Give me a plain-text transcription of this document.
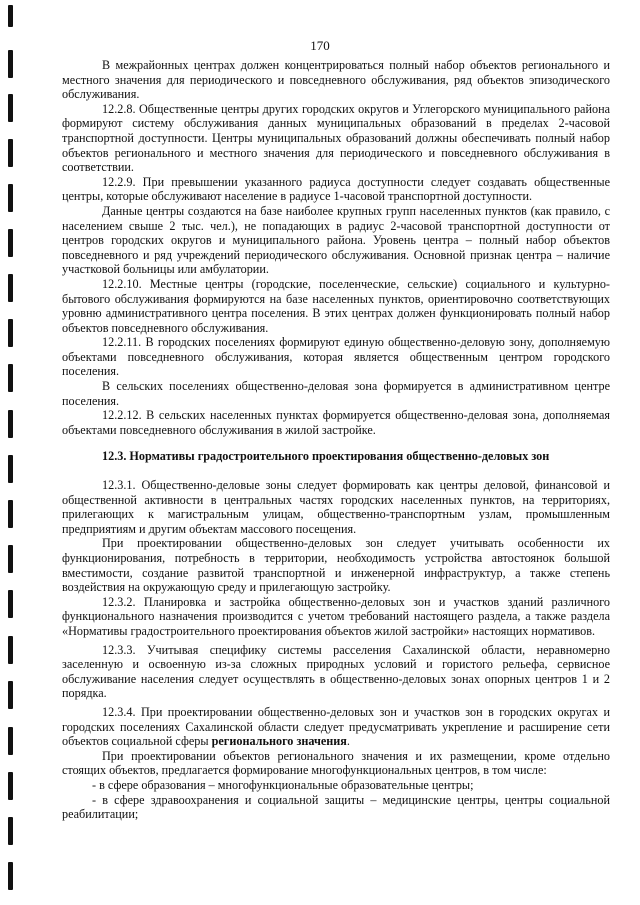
170

В межрайонных центрах должен концентрироваться полный набор объектов регионального и местного значения для периодического и повседневного обслуживания, ряд объектов эпизодического обслуживания.

12.2.8. Общественные центры других городских округов и Углегорского муниципального района формируют систему обслуживания данных муниципальных образований в пределах 2-часовой транспортной доступности. Центры муниципальных образований должны обеспечивать полный набор объектов регионального и местного значения для периодического и повседневного обслуживания в соответствии.

12.2.9. При превышении указанного радиуса доступности следует создавать общественные центры, которые обслуживают население в радиусе 1-часовой транспортной доступности.

Данные центры создаются на базе наиболее крупных групп населенных пунктов (как правило, с населением свыше 2 тыс. чел.), не попадающих в радиус 2-часовой транспортной доступности от центров городских округов и муниципального района. Уровень центра – полный набор объектов повседневного и ряд учреждений периодического обслуживания. Основной признак центра – наличие участковой больницы или амбулатории.

12.2.10. Местные центры (городские, поселенческие, сельские) социального и культурно-бытового обслуживания формируются на базе населенных пунктов, ориентировочно соответствующих уровню административного центра поселения. В этих центрах должен функционировать полный набор объектов повседневного обслуживания.

12.2.11. В городских поселениях формируют единую общественно-деловую зону, дополняемую объектами повседневного обслуживания, которая является общественным центром городского поселения.

В сельских поселениях общественно-деловая зона формируется в административном центре поселения.

12.2.12. В сельских населенных пунктах формируется общественно-деловая зона, дополняемая объектами повседневного обслуживания в жилой застройке.

12.3. Нормативы градостроительного проектирования общественно-деловых зон

12.3.1. Общественно-деловые зоны следует формировать как центры деловой, финансовой и общественной активности в центральных частях городских населенных пунктов, на территориях, прилегающих к магистральным улицам, общественно-транспортным узлам, промышленным предприятиям и другим объектам массового посещения.

При проектировании общественно-деловых зон следует учитывать особенности их функционирования, потребность в территории, необходимость устройства автостоянок большой вместимости, создание развитой транспортной и инженерной инфраструктур, а также степень воздействия на окружающую среду и прилегающую застройку.

12.3.2. Планировка и застройка общественно-деловых зон и участков зданий различного функционального назначения производится с учетом требований настоящего раздела, а также раздела «Нормативы градостроительного проектирования объектов жилой застройки» настоящих нормативов.

12.3.3. Учитывая специфику системы расселения Сахалинской области, неравномерно заселенную и освоенную из-за сложных природных условий и гористого рельефа, сервисное обслуживание населения следует осуществлять в общественно-деловых зонах опорных центров 1 и 2 порядка.

12.3.4. При проектировании общественно-деловых зон и участков зон в городских округах и городских поселениях Сахалинской области следует предусматривать укрепление и расширение сети объектов социальной сферы регионального значения.

При проектировании объектов регионального значения и их размещении, кроме отдельно стоящих объектов, предлагается формирование многофункциональных центров, в том числе:

- в сфере образования – многофункциональные образовательные центры;

- в сфере здравоохранения и социальной защиты – медицинские центры, центры социальной реабилитации;
